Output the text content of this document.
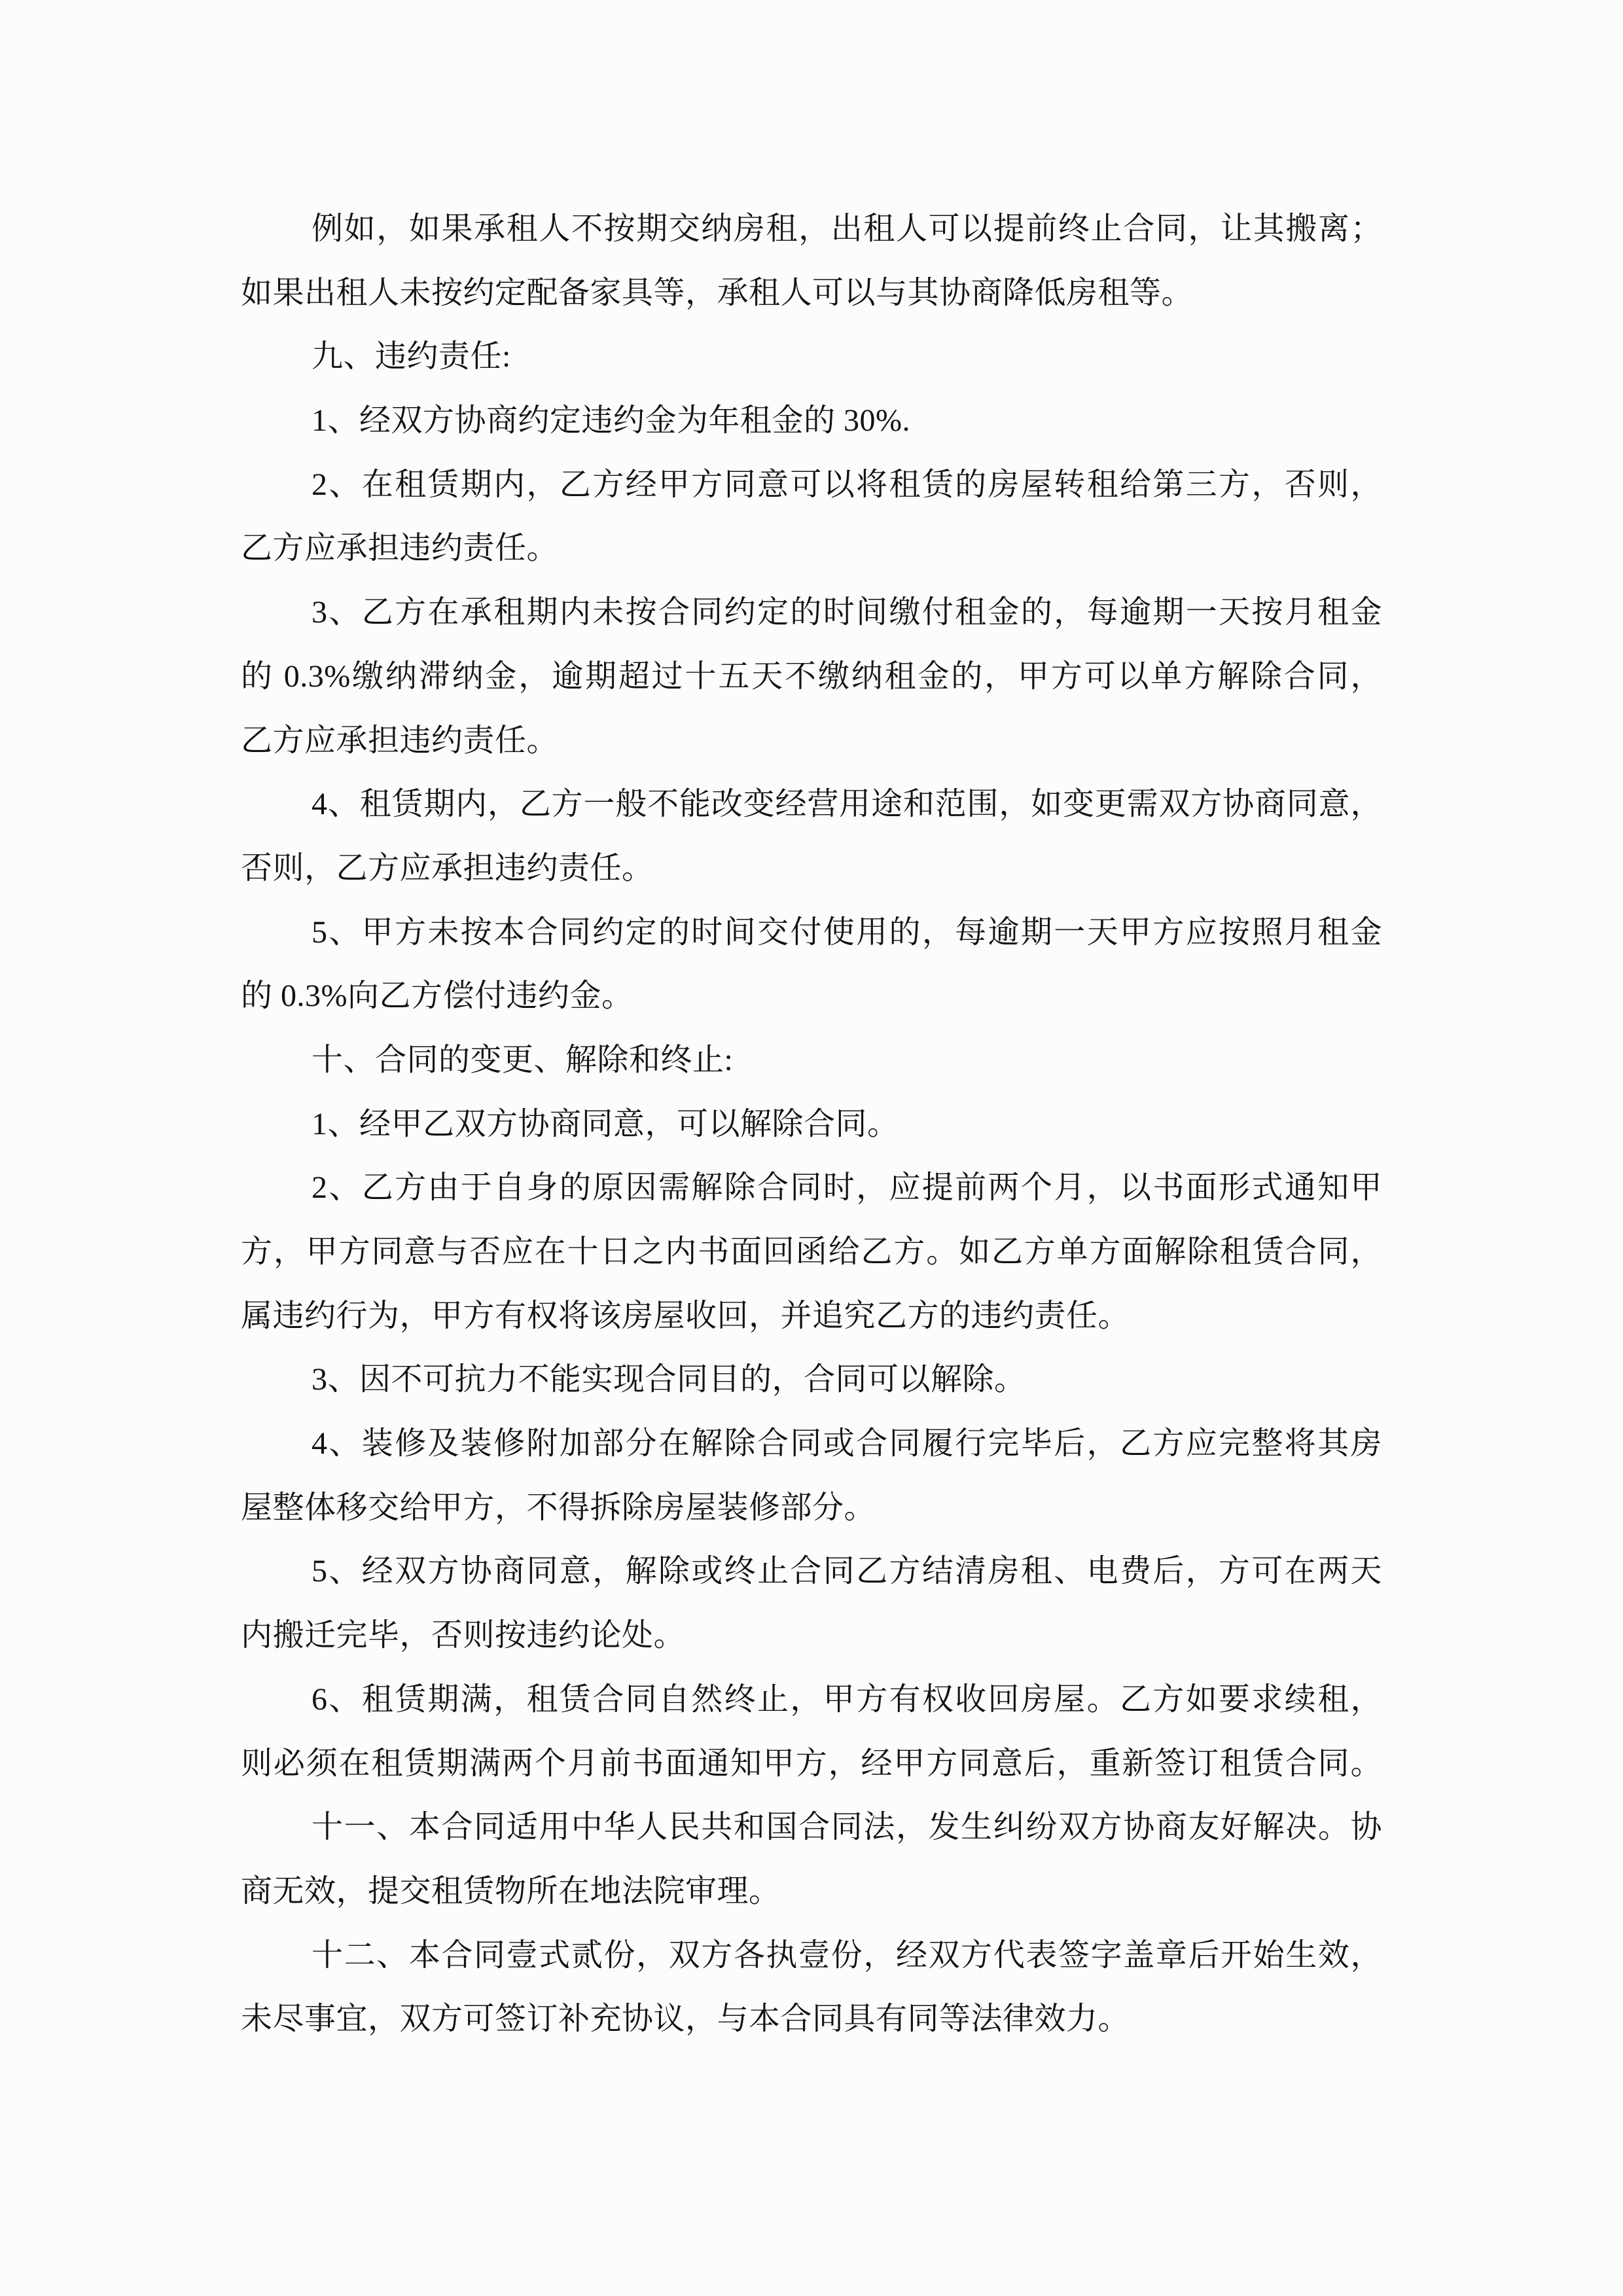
例如，如果承租人不按期交纳房租，出租人可以提前终止合同，让其搬离；
如果出租人未按约定配备家具等，承租人可以与其协商降低房租等。
九、违约责任:
1、经双方协商约定违约金为年租金的 30%.
2、在租赁期内，乙方经甲方同意可以将租赁的房屋转租给第三方，否则，
乙方应承担违约责任。
3、乙方在承租期内未按合同约定的时间缴付租金的，每逾期一天按月租金
的 0.3%缴纳滞纳金，逾期超过十五天不缴纳租金的，甲方可以单方解除合同，
乙方应承担违约责任。
4、租赁期内，乙方一般不能改变经营用途和范围，如变更需双方协商同意，
否则，乙方应承担违约责任。
5、甲方未按本合同约定的时间交付使用的，每逾期一天甲方应按照月租金
的 0.3%向乙方偿付违约金。
十、合同的变更、解除和终止:
1、经甲乙双方协商同意，可以解除合同。
2、乙方由于自身的原因需解除合同时，应提前两个月，以书面形式通知甲
方，甲方同意与否应在十日之内书面回函给乙方。如乙方单方面解除租赁合同，
属违约行为，甲方有权将该房屋收回，并追究乙方的违约责任。
3、因不可抗力不能实现合同目的，合同可以解除。
4、装修及装修附加部分在解除合同或合同履行完毕后，乙方应完整将其房
屋整体移交给甲方，不得拆除房屋装修部分。
5、经双方协商同意，解除或终止合同乙方结清房租、电费后，方可在两天
内搬迁完毕，否则按违约论处。
6、租赁期满，租赁合同自然终止，甲方有权收回房屋。乙方如要求续租，
则必须在租赁期满两个月前书面通知甲方，经甲方同意后，重新签订租赁合同。
十一、本合同适用中华人民共和国合同法，发生纠纷双方协商友好解决。协
商无效，提交租赁物所在地法院审理。
十二、本合同壹式贰份，双方各执壹份，经双方代表签字盖章后开始生效，
未尽事宜，双方可签订补充协议，与本合同具有同等法律效力。
